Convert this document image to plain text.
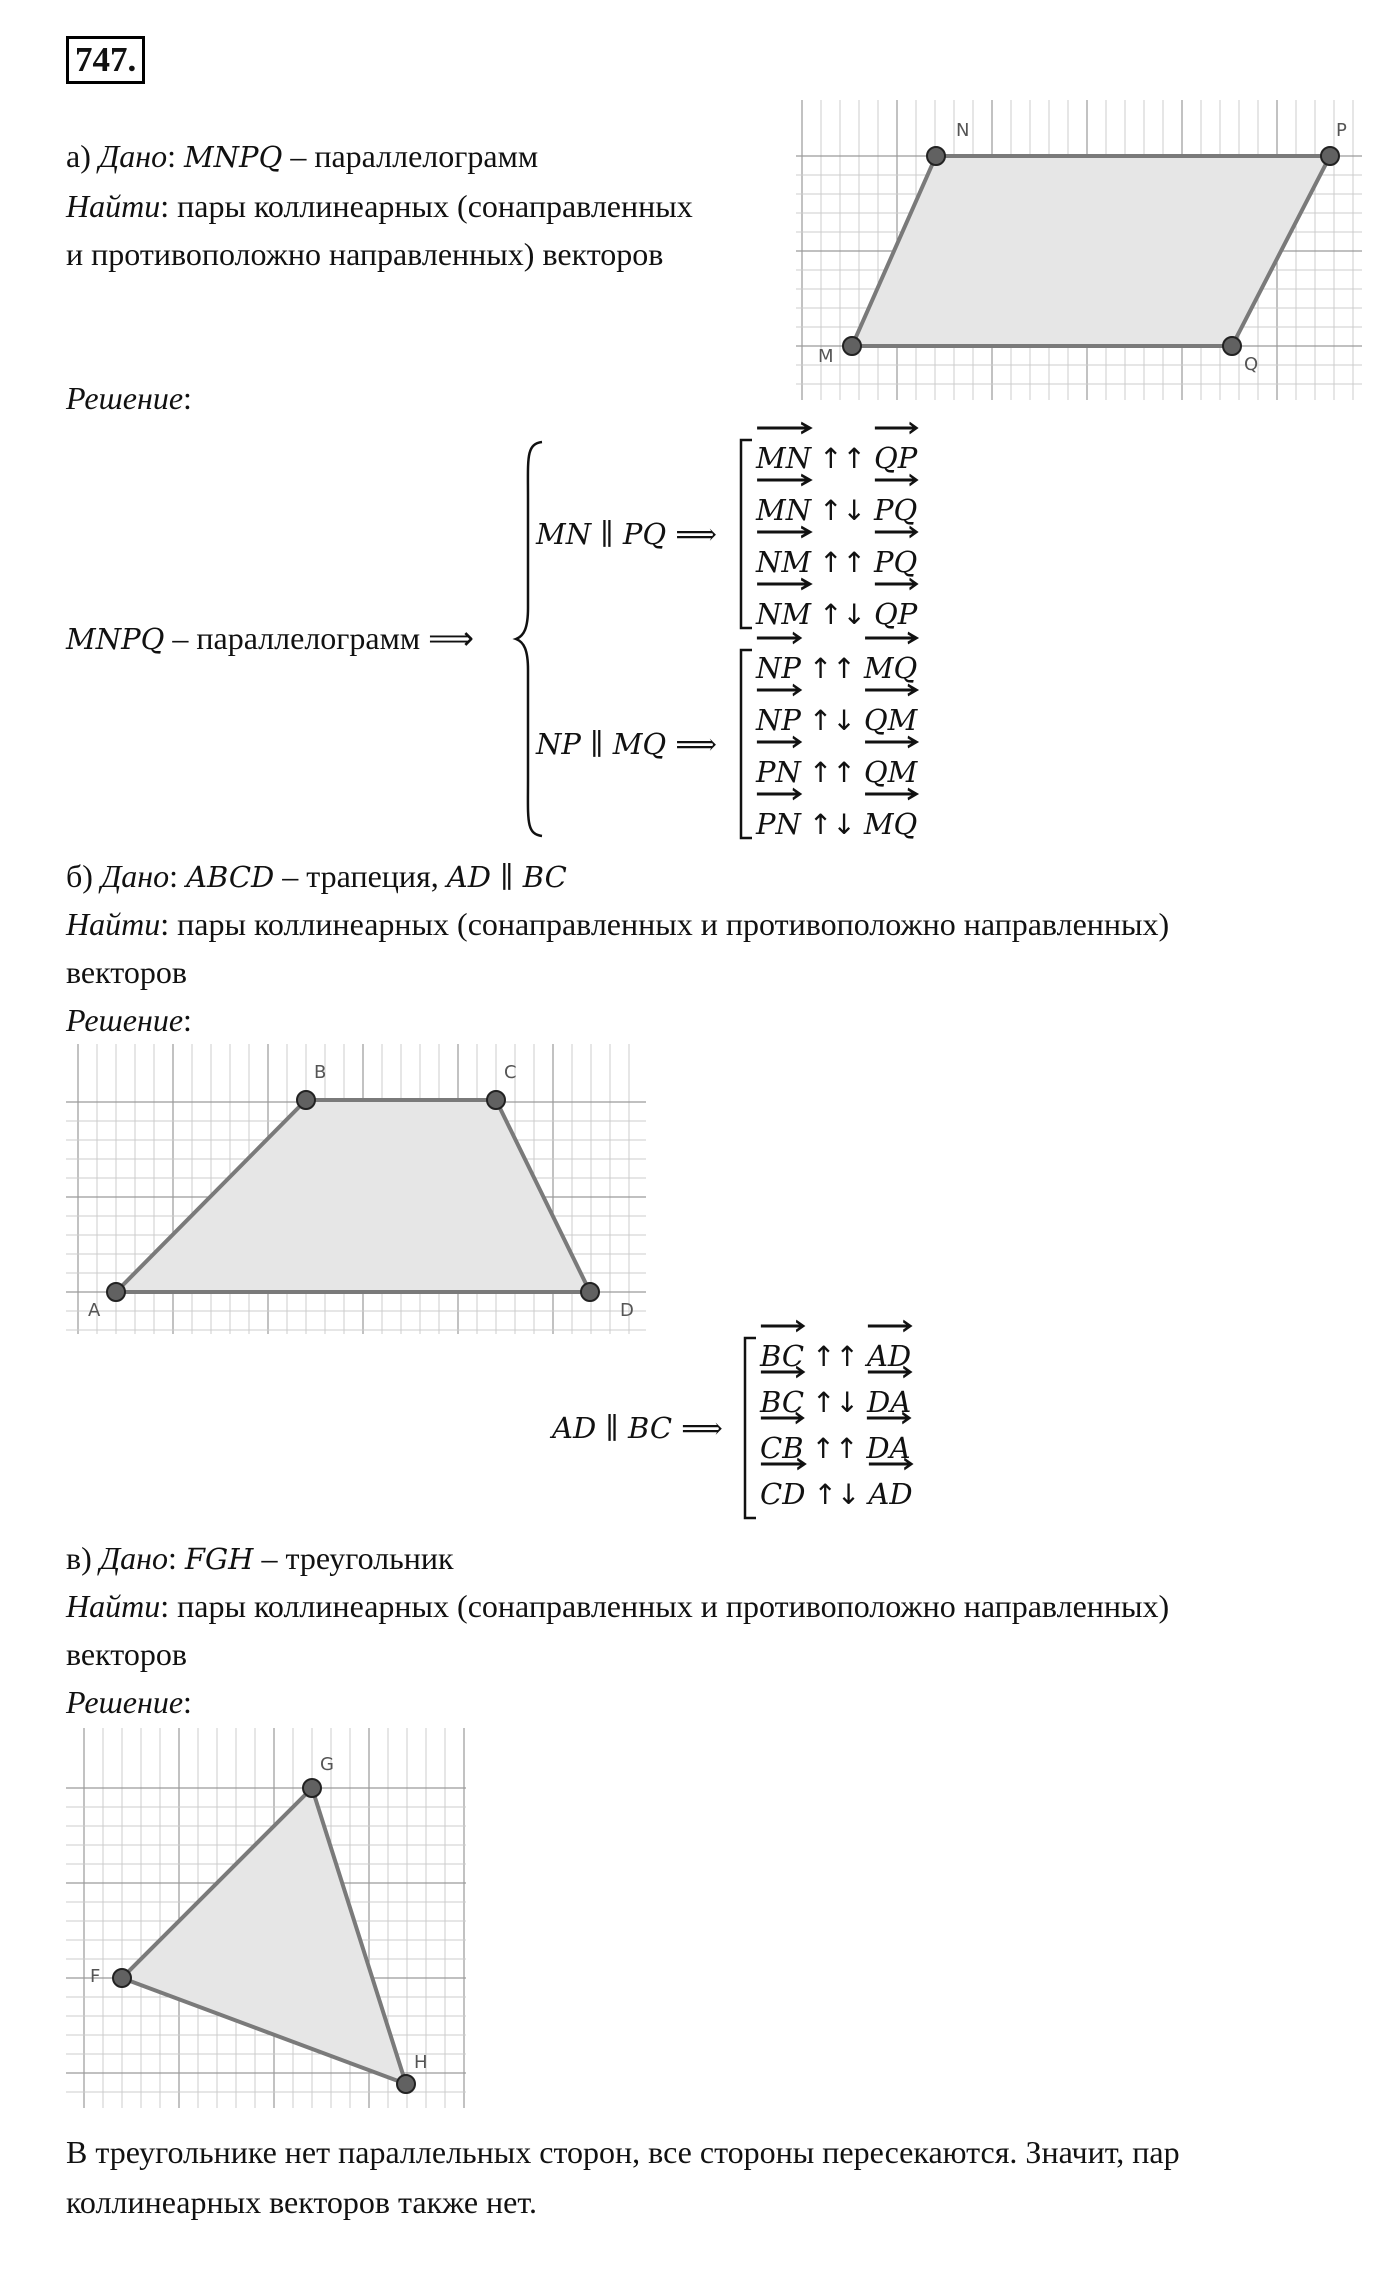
747.
а) Дано: MNPQ – параллелограмм
Найти: пары коллинеарных (сонаправленных
и противоположно направленных) векторов
Решение:
N	P
M	Q
MNPQ – параллелограмм ⟹
MN ∥ PQ ⟹
NP ∥ MQ ⟹
MN ↑↑ QP
MN ↑↓ PQ
NM ↑↑ PQ
NM ↑↓ QP
NP ↑↑ MQ
NP ↑↓ QM
PN ↑↑ QM
PN ↑↓ MQ
б) Дано: ABCD – трапеция, AD ∥ BC
Найти: пары коллинеарных (сонаправленных и противоположно направленных)
векторов
Решение:
B	C
A	D
AD ∥ BC ⟹
BC ↑↑ AD
BC ↑↓ DA
CB ↑↑ DA
CD ↑↓ AD
в) Дано: FGH – треугольник
Найти: пары коллинеарных (сонаправленных и противоположно направленных)
векторов
Решение:
G
F
H
В треугольнике нет параллельных сторон, все стороны пересекаются. Значит, пар
коллинеарных векторов также нет.
